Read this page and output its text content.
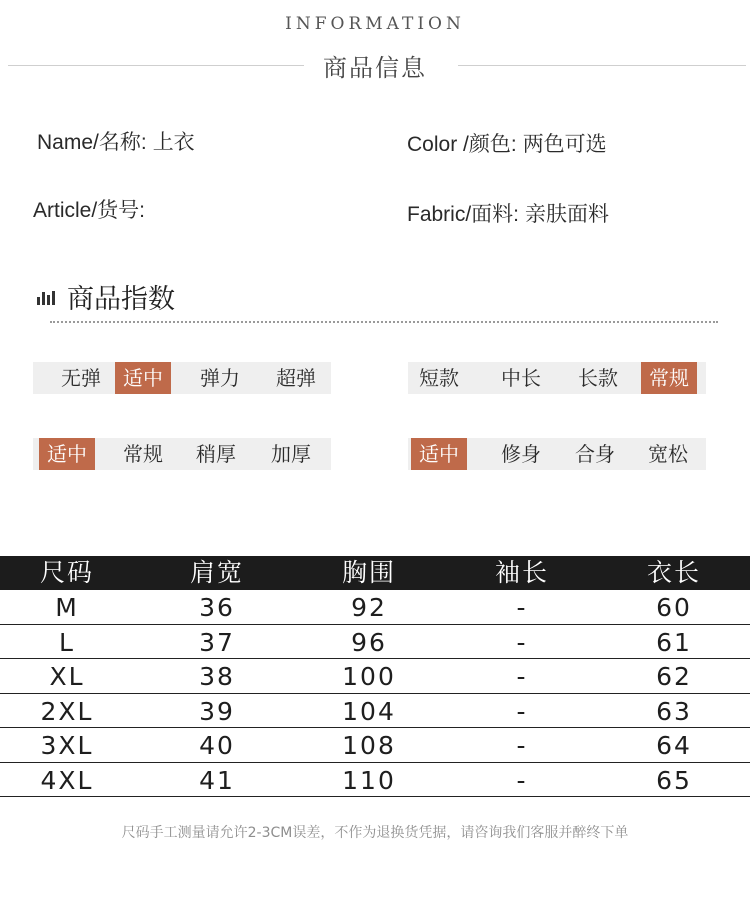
INFORMATION
商品信息
Name/名称: 上衣	Color /颜色: 两色可选
Article/货号:	Fabric/面料: 亲肤面料
商品指数
无弹	适中	弹力	超弹	短款	中长	长款	常规
适中	常规	稍厚	加厚	适中	修身	合身	宽松
尺码	肩宽	胸围	袖长	衣长
M	36	92	-	60
L	37	96	-	61
XL	38	100	-	62
2XL	39	104	-	63
3XL	40	108	-	64
4XL	41	110	-	65
尺码手工测量请允许2-3CM误差，不作为退换货凭据，请咨询我们客服并醉终下单
